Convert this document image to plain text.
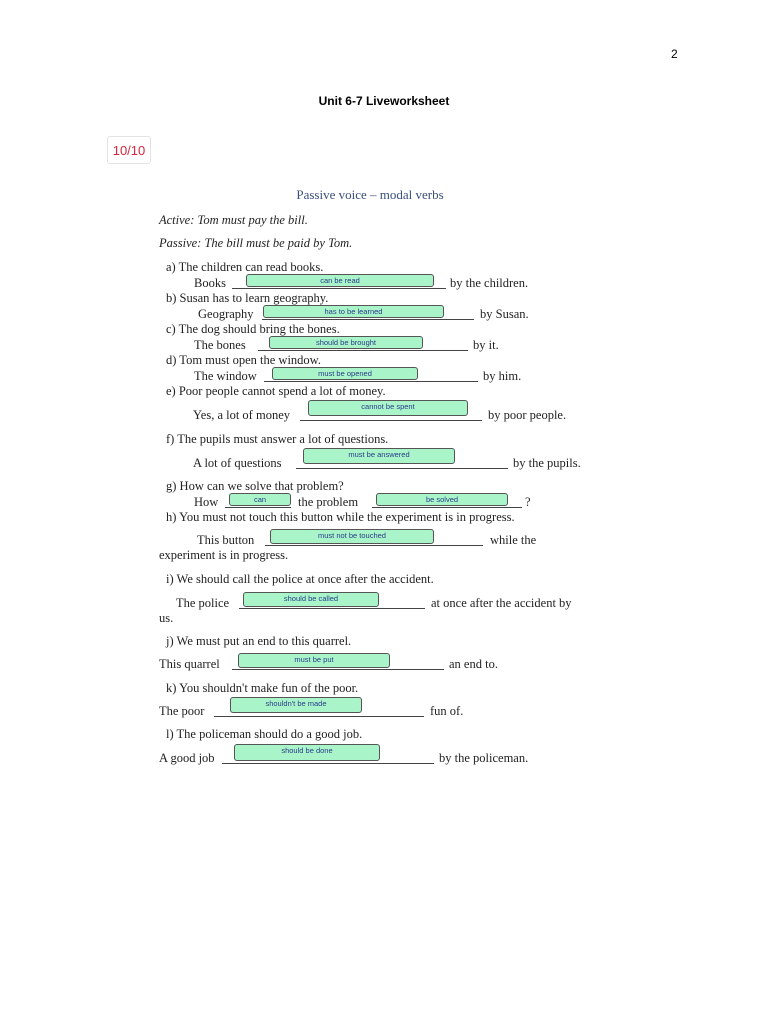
2
Unit 6-7 Liveworksheet
10/10
Passive voice – modal verbs
Active: Tom must pay the bill.
Passive: The bill must be paid by Tom.
a) The children can read books.
Books	can be read	by the children.
b) Susan has to learn geography.
Geography	has to be learned	by Susan.
c) The dog should bring the bones.
The bones	should be brought	by it.
d) Tom must open the window.
The window	must be opened	by him.
e) Poor people cannot spend a lot of money.
Yes, a lot of money
cannot be spent
by poor people.
f) The pupils must answer a lot of questions.
A lot of questions
must be answered
by the pupils.
g) How can we solve that problem?
How	can	the problem	be solved	?
h) You must not touch this button while the experiment is in progress.
This button	must not be touched	while the
experiment is in progress.
i) We should call the police at once after the accident.
The police	should be called	at once after the accident by
us.
j) We must put an end to this quarrel.
This quarrel	must be put	an end to.
k) You shouldn't make fun of the poor.
The poor
shouldn't be made
fun of.
l) The policeman should do a good job.
A good job
should be done
by the policeman.
